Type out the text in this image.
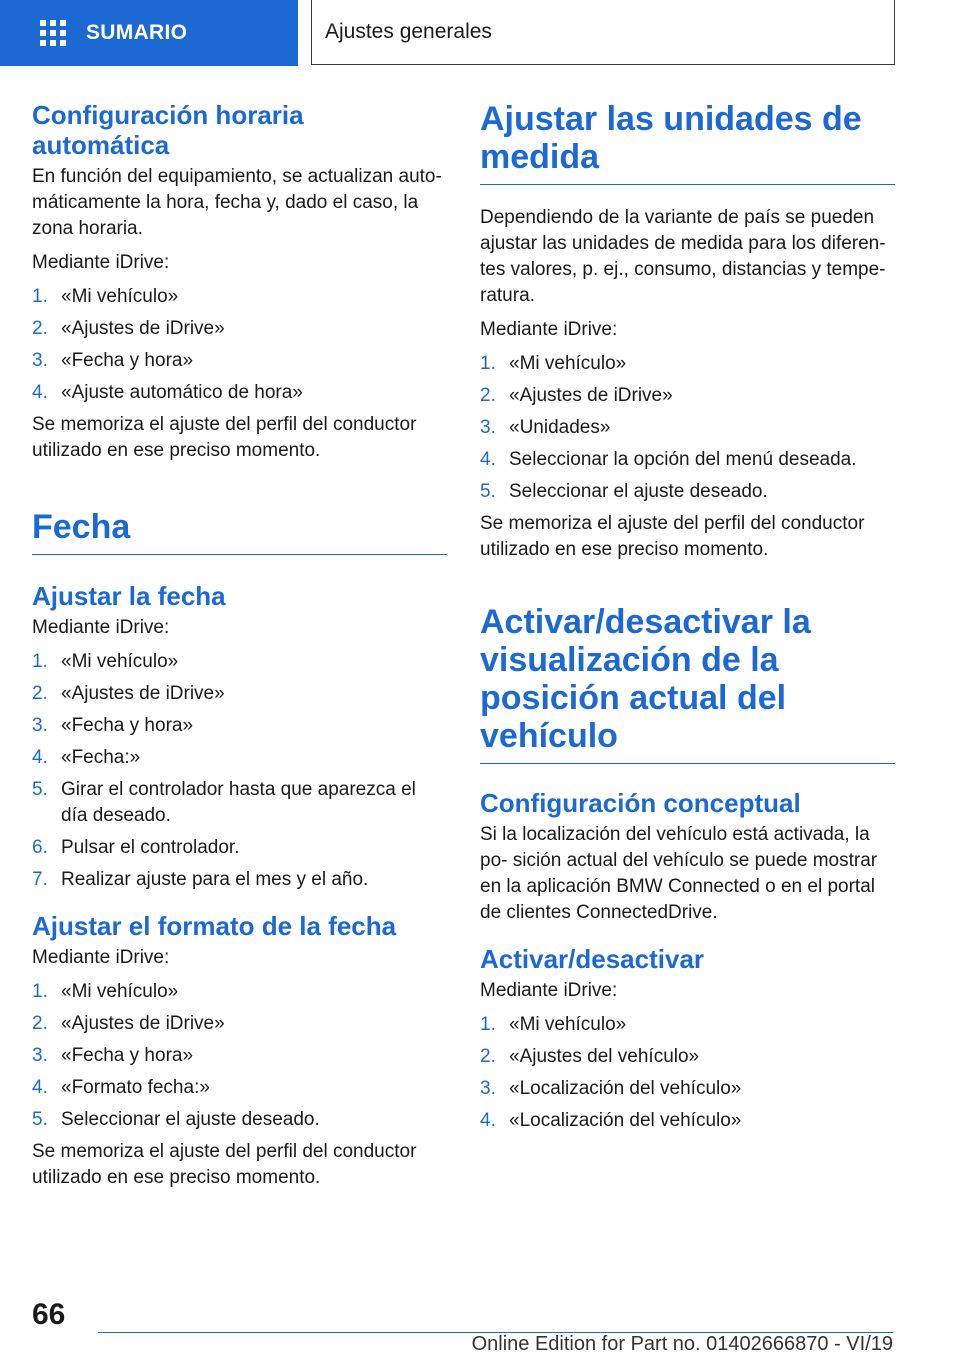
SUMARIO	Ajustes generales
Configuración horaria automática

En función del equipamiento, se actualizan auto- máticamente la hora, fecha y, dado el caso, la zona horaria.

Mediante iDrive:

1. «Mi vehículo»
2. «Ajustes de iDrive»
3. «Fecha y hora»
4. «Ajuste automático de hora»

Se memoriza el ajuste del perfil del conductor utilizado en ese preciso momento.

Fecha
Ajustar la fecha

Mediante iDrive:

1. «Mi vehículo»
2. «Ajustes de iDrive»
3. «Fecha y hora»
4. «Fecha:»
5. Girar el controlador hasta que aparezca el día deseado.
6. Pulsar el controlador.
7. Realizar ajuste para el mes y el año.
Ajustar el formato de la fecha

Mediante iDrive:

1. «Mi vehículo»
2. «Ajustes de iDrive»
3. «Fecha y hora»
4. «Formato fecha:»
5. Seleccionar el ajuste deseado.

Se memoriza el ajuste del perfil del conductor utilizado en ese preciso momento.

Ajustar las unidades de medida

Dependiendo de la variante de país se pueden ajustar las unidades de medida para los diferen- tes valores, p. ej., consumo, distancias y tempe- ratura.

Mediante iDrive:

1. «Mi vehículo»
2. «Ajustes de iDrive»
3. «Unidades»
4. Seleccionar la opción del menú deseada.
5. Seleccionar el ajuste deseado.

Se memoriza el ajuste del perfil del conductor utilizado en ese preciso momento.

Activar/desactivar la visualización de la posición actual del vehículo
Configuración conceptual

Si la localización del vehículo está activada, la po- sición actual del vehículo se puede mostrar en la aplicación BMW Connected o en el portal de clientes ConnectedDrive.

Activar/desactivar

Mediante iDrive:

1. «Mi vehículo»
2. «Ajustes del vehículo»
3. «Localización del vehículo»
4. «Localización del vehículo»
66
Online Edition for Part no. 01402666870 - VI/19
